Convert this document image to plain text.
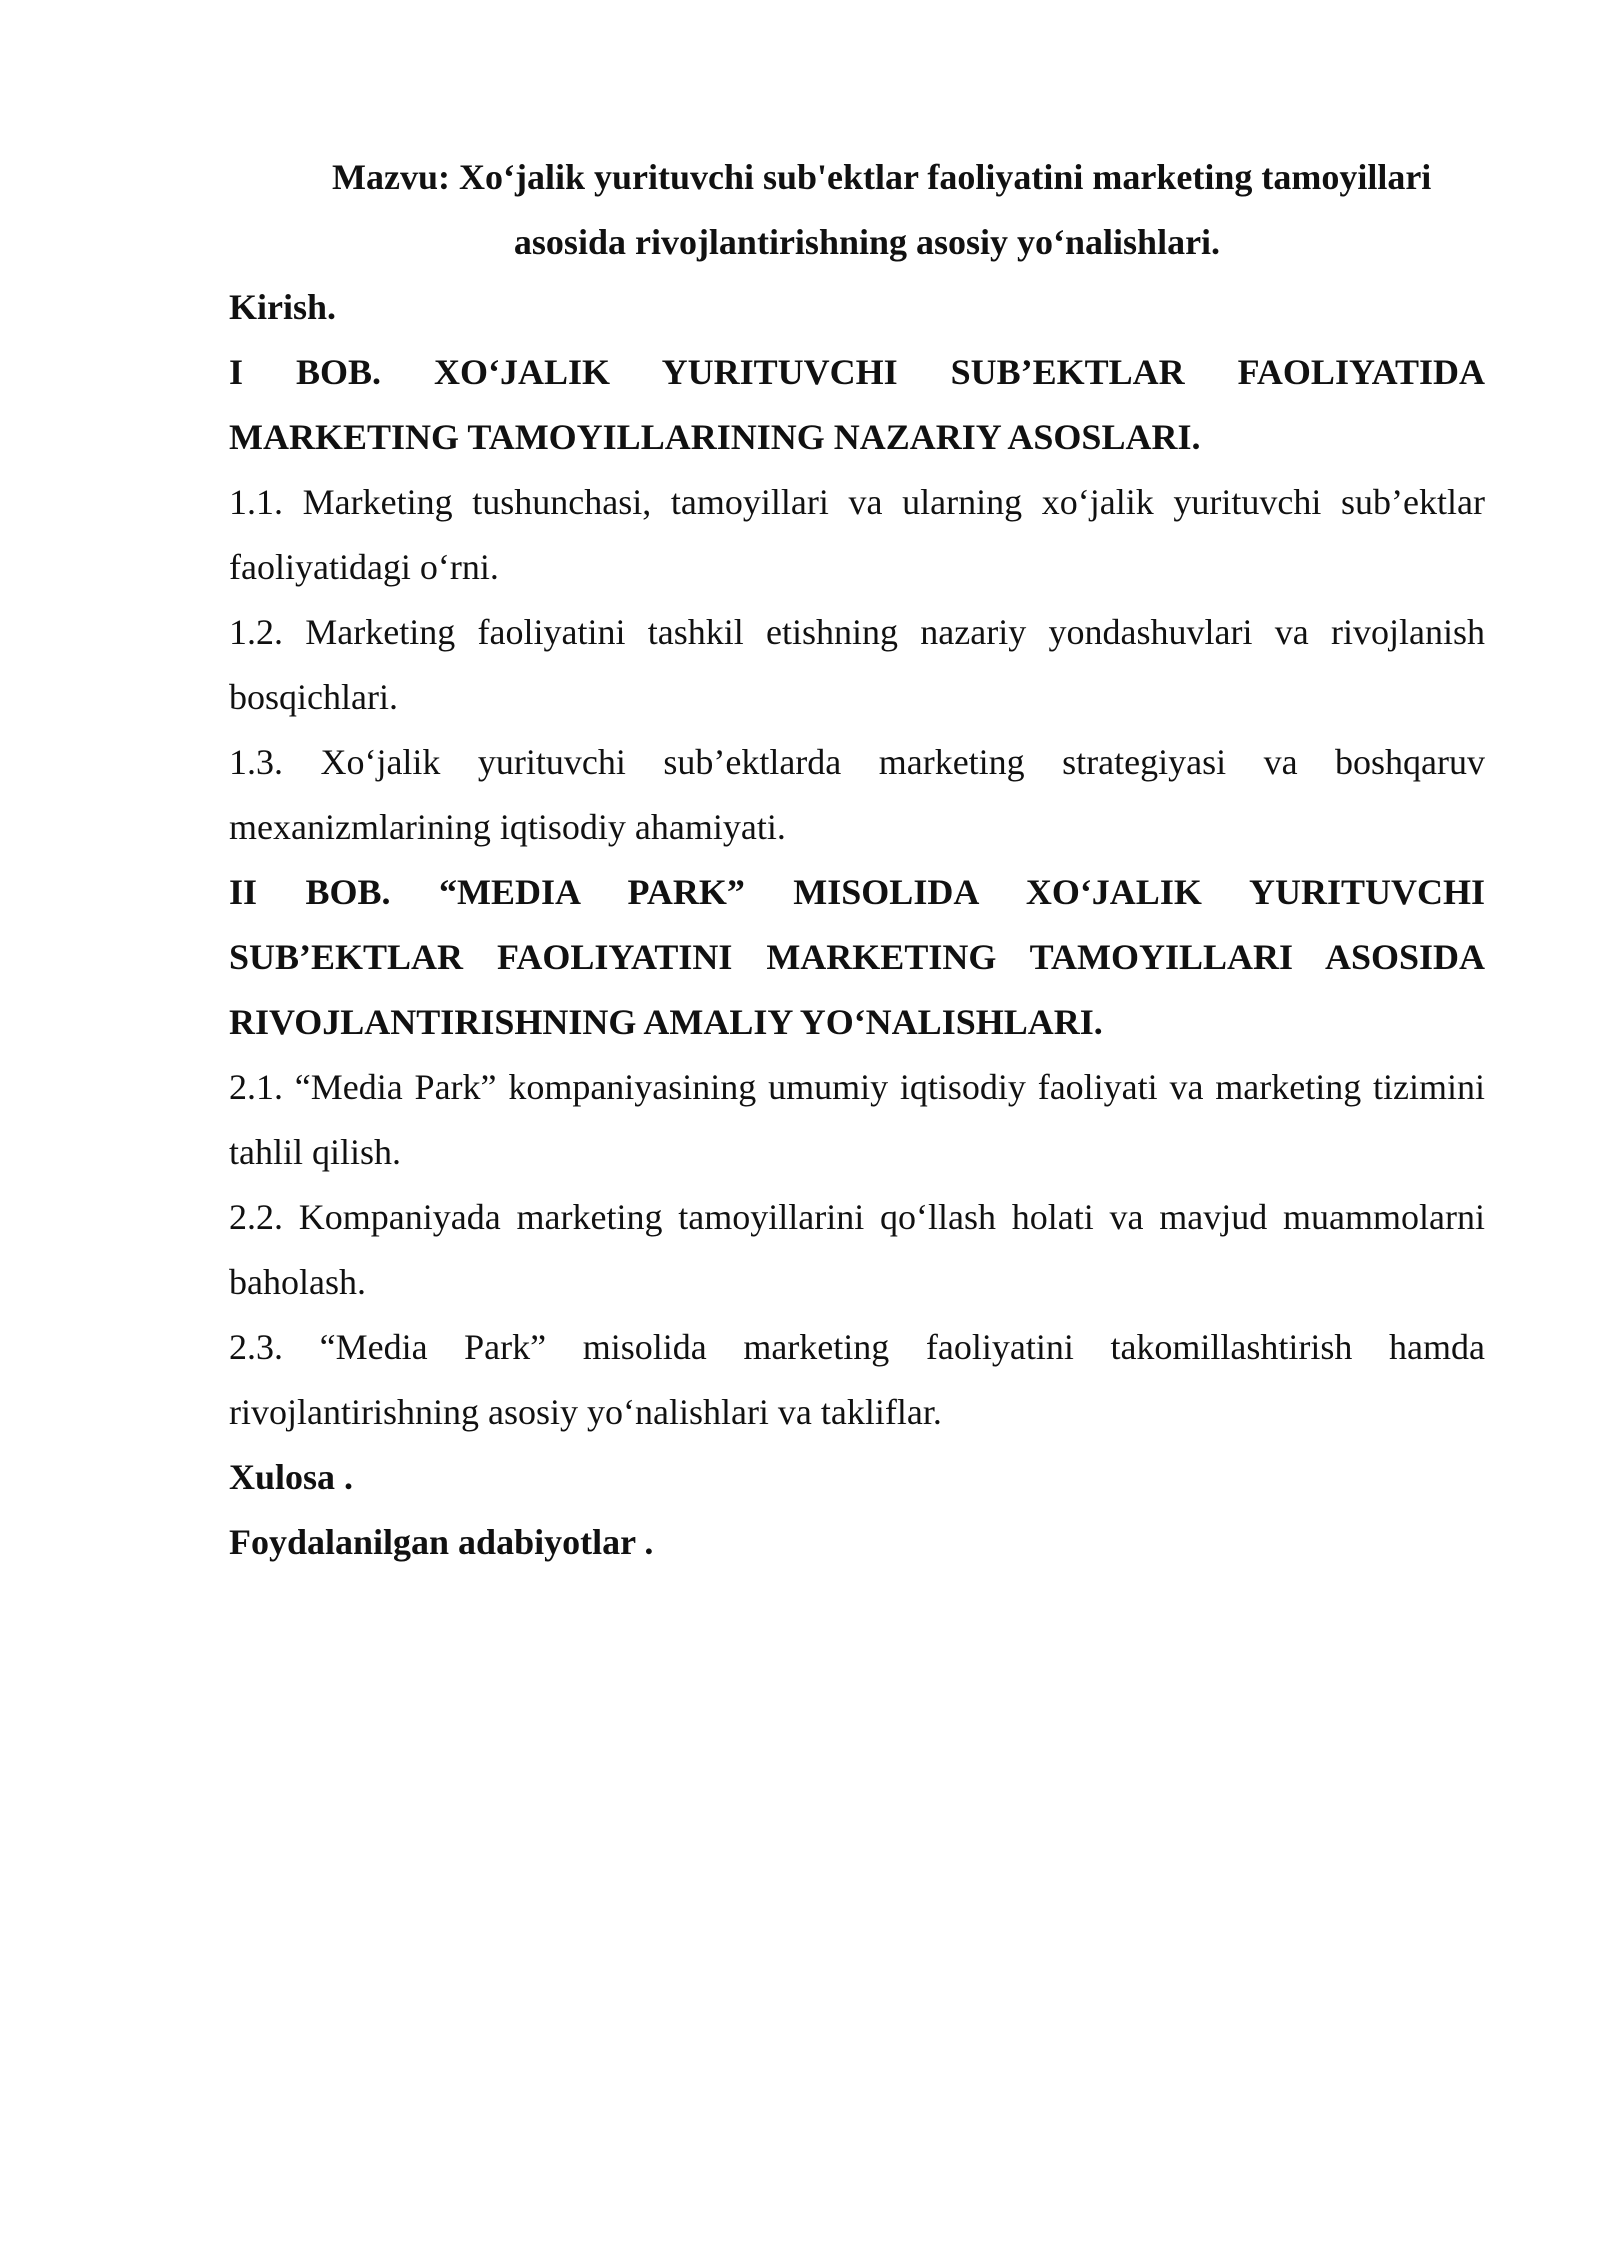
Mazvu: Xo‘jalik yurituvchi sub'ektlar faoliyatini marketing tamoyillari
asosida rivojlantirishning asosiy yo‘nalishlari.

Kirish.

I BOB. XO‘JALIK YURITUVCHI SUB’EKTLAR FAOLIYATIDA MARKETING TAMOYILLARINING NAZARIY ASOSLARI.

1.1. Marketing tushunchasi, tamoyillari va ularning xo‘jalik yurituvchi sub’ektlar faoliyatidagi o‘rni.

1.2. Marketing faoliyatini tashkil etishning nazariy yondashuvlari va rivojlanish bosqichlari.

1.3. Xo‘jalik yurituvchi sub’ektlarda marketing strategiyasi va boshqaruv mexanizmlarining iqtisodiy ahamiyati.

II BOB. “MEDIA PARK” MISOLIDA XO‘JALIK YURITUVCHI SUB’EKTLAR FAOLIYATINI MARKETING TAMOYILLARI ASOSIDA RIVOJLANTIRISHNING AMALIY YO‘NALISHLARI.

2.1. “Media Park” kompaniyasining umumiy iqtisodiy faoliyati va marketing tizimini tahlil qilish.

2.2. Kompaniyada marketing tamoyillarini qo‘llash holati va mavjud muammolarni baholash.

2.3. “Media Park” misolida marketing faoliyatini takomillashtirish hamda rivojlantirishning asosiy yo‘nalishlari va takliflar.

Xulosa .

Foydalanilgan adabiyotlar .
